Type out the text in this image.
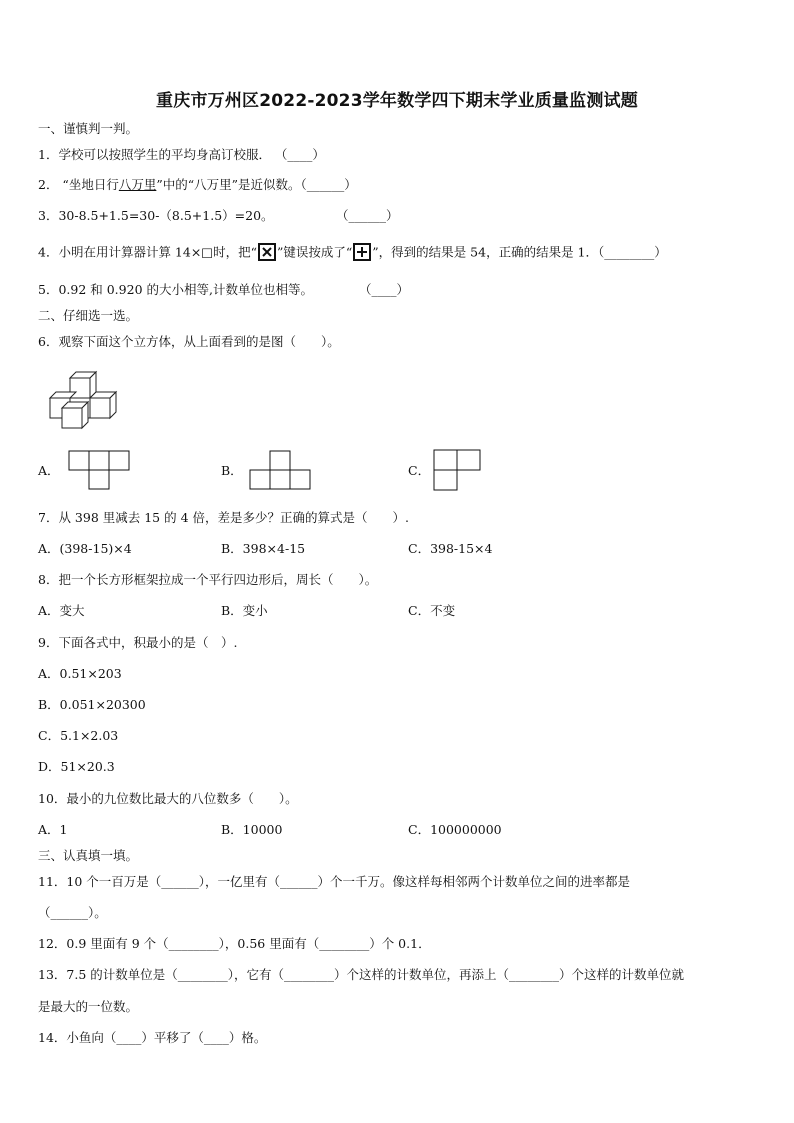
重庆市万州区2022-2023学年数学四下期末学业质量监测试题
一、谨慎判一判。
1．学校可以按照学生的平均身高订校服． （____）
2． “坐地日行八万里”中的“八万里”是近似数。（______）
3．30-8.5+1.5=30-（8.5+1.5）=20。	（______）
4．小明在用计算器计算 14×□时，把“ ”键误按成了“ ”，得到的结果是 54，正确的结果是 1．（________）
5．0.92 和 0.920 的大小相等,计数单位也相等。	（____）
二、仔细选一选。
6．观察下面这个立方体，从上面看到的是图（　　）。
A．	B．	C．
7．从 398 里减去 15 的 4 倍，差是多少？正确的算式是（　　）.
A．(398-15)×4	B．398×4-15	C．398-15×4
8．把一个长方形框架拉成一个平行四边形后，周长（　　）。
A．变大	B．变小	C．不变
9．下面各式中，积最小的是（　）.
A．0.51×203
B．0.051×20300
C．5.1×2.03
D．51×20.3
10．最小的九位数比最大的八位数多（　　）。
A．1	B．10000	C．100000000
三、认真填一填。
11．10 个一百万是（______），一亿里有（______）个一千万。像这样每相邻两个计数单位之间的进率都是
（______）。
12．0.9 里面有 9 个（________），0.56 里面有（________）个 0.1．
13．7.5 的计数单位是（________），它有（________）个这样的计数单位，再添上（________）个这样的计数单位就
是最大的一位数。
14．小鱼向（____）平移了（____）格。
